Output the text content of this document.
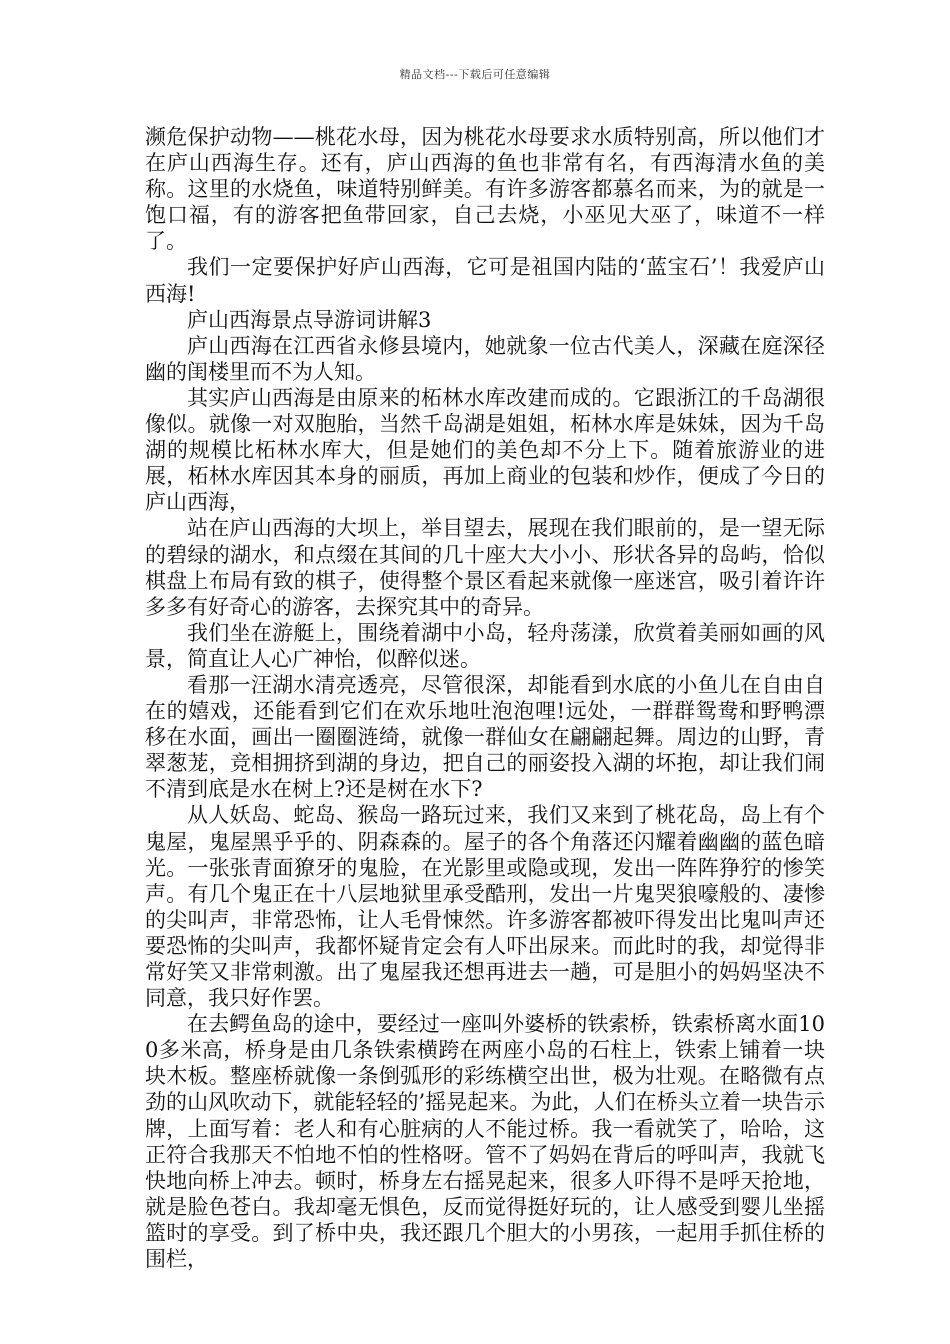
精品文档---下载后可任意编辑

濒危保护动物——桃花水母，因为桃花水母要求水质特别高，所以他们才在庐山西海生存。还有，庐山西海的鱼也非常有名，有西海清水鱼的美称。这里的水烧鱼，味道特别鲜美。有许多游客都慕名而来，为的就是一饱口福，有的游客把鱼带回家，自己去烧，小巫见大巫了，味道不一样了。

我们一定要保护好庐山西海，它可是祖国内陆的‘蓝宝石’！我爱庐山西海!

庐山西海景点导游词讲解3

庐山西海在江西省永修县境内，她就象一位古代美人，深藏在庭深径幽的闺楼里而不为人知。

其实庐山西海是由原来的柘林水库改建而成的。它跟浙江的千岛湖很像似。就像一对双胞胎，当然千岛湖是姐姐，柘林水库是妹妹，因为千岛湖的规模比柘林水库大，但是她们的美色却不分上下。随着旅游业的进展，柘林水库因其本身的丽质，再加上商业的包装和炒作，便成了今日的庐山西海，

站在庐山西海的大坝上，举目望去，展现在我们眼前的，是一望无际的碧绿的湖水，和点缀在其间的几十座大大小小、形状各异的岛屿，恰似棋盘上布局有致的棋子，使得整个景区看起来就像一座迷宫，吸引着许许多多有好奇心的游客，去探究其中的奇异。

我们坐在游艇上，围绕着湖中小岛，轻舟荡漾，欣赏着美丽如画的风景，简直让人心广神怡，似醉似迷。

看那一汪湖水清亮透亮，尽管很深，却能看到水底的小鱼儿在自由自在的嬉戏，还能看到它们在欢乐地吐泡泡哩!远处，一群群鸳鸯和野鸭漂移在水面，画出一圈圈涟绮，就像一群仙女在翩翩起舞。周边的山野，青翠葱茏，竞相拥挤到湖的身边，把自己的丽姿投入湖的坏抱，却让我们闹不清到底是水在树上?还是树在水下?

从人妖岛、蛇岛、猴岛一路玩过来，我们又来到了桃花岛，岛上有个鬼屋，鬼屋黑乎乎的、阴森森的。屋子的各个角落还闪耀着幽幽的蓝色暗光。一张张青面獠牙的鬼脸，在光影里或隐或现，发出一阵阵狰狞的惨笑声。有几个鬼正在十八层地狱里承受酷刑，发出一片鬼哭狼嚎般的、凄惨的尖叫声，非常恐怖，让人毛骨悚然。许多游客都被吓得发出比鬼叫声还要恐怖的尖叫声，我都怀疑肯定会有人吓出尿来。而此时的我，却觉得非常好笑又非常刺激。出了鬼屋我还想再进去一趟，可是胆小的妈妈坚决不同意，我只好作罢。

在去鳄鱼岛的途中，要经过一座叫外婆桥的铁索桥，铁索桥离水面100多米高，桥身是由几条铁索横跨在两座小岛的石柱上，铁索上铺着一块块木板。整座桥就像一条倒弧形的彩练横空出世，极为壮观。在略微有点劲的山风吹动下，就能轻轻的’摇晃起来。为此，人们在桥头立着一块告示牌，上面写着：老人和有心脏病的人不能过桥。我一看就笑了，哈哈，这正符合我那天不怕地不怕的性格呀。管不了妈妈在背后的呼叫声，我就飞快地向桥上冲去。顿时，桥身左右摇晃起来，很多人吓得不是呼天抢地，就是脸色苍白。我却毫无惧色，反而觉得挺好玩的，让人感受到婴儿坐摇篮时的享受。到了桥中央，我还跟几个胆大的小男孩，一起用手抓住桥的围栏，
